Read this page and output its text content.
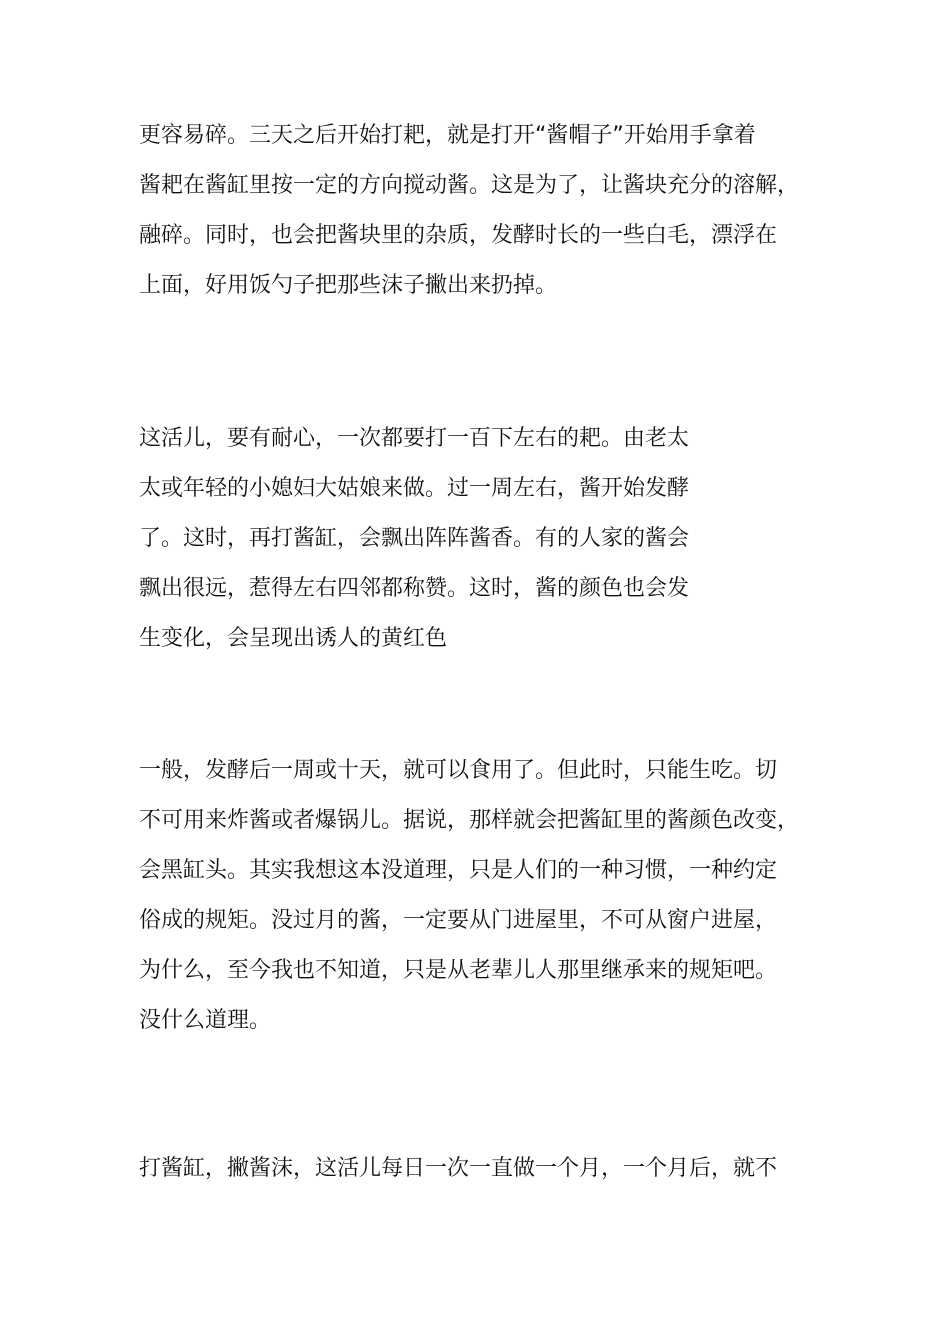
更容易碎。三天之后开始打耙，就是打开“酱帽子”开始用手拿着
酱耙在酱缸里按一定的方向搅动酱。这是为了，让酱块充分的溶解，
融碎。同时，也会把酱块里的杂质，发酵时长的一些白毛，漂浮在
上面，好用饭勺子把那些沫子撇出来扔掉。
这活儿，要有耐心，一次都要打一百下左右的耙。由老太
太或年轻的小媳妇大姑娘来做。过一周左右，酱开始发酵
了。这时，再打酱缸，会飘出阵阵酱香。有的人家的酱会
飘出很远，惹得左右四邻都称赞。这时，酱的颜色也会发
生变化，会呈现出诱人的黄红色
一般，发酵后一周或十天，就可以食用了。但此时，只能生吃。切
不可用来炸酱或者爆锅儿。据说，那样就会把酱缸里的酱颜色改变，
会黑缸头。其实我想这本没道理，只是人们的一种习惯，一种约定
俗成的规矩。没过月的酱，一定要从门进屋里，不可从窗户进屋，
为什么，至今我也不知道，只是从老辈儿人那里继承来的规矩吧。
没什么道理。
打酱缸，撇酱沫，这活儿每日一次一直做一个月，一个月后，就不
